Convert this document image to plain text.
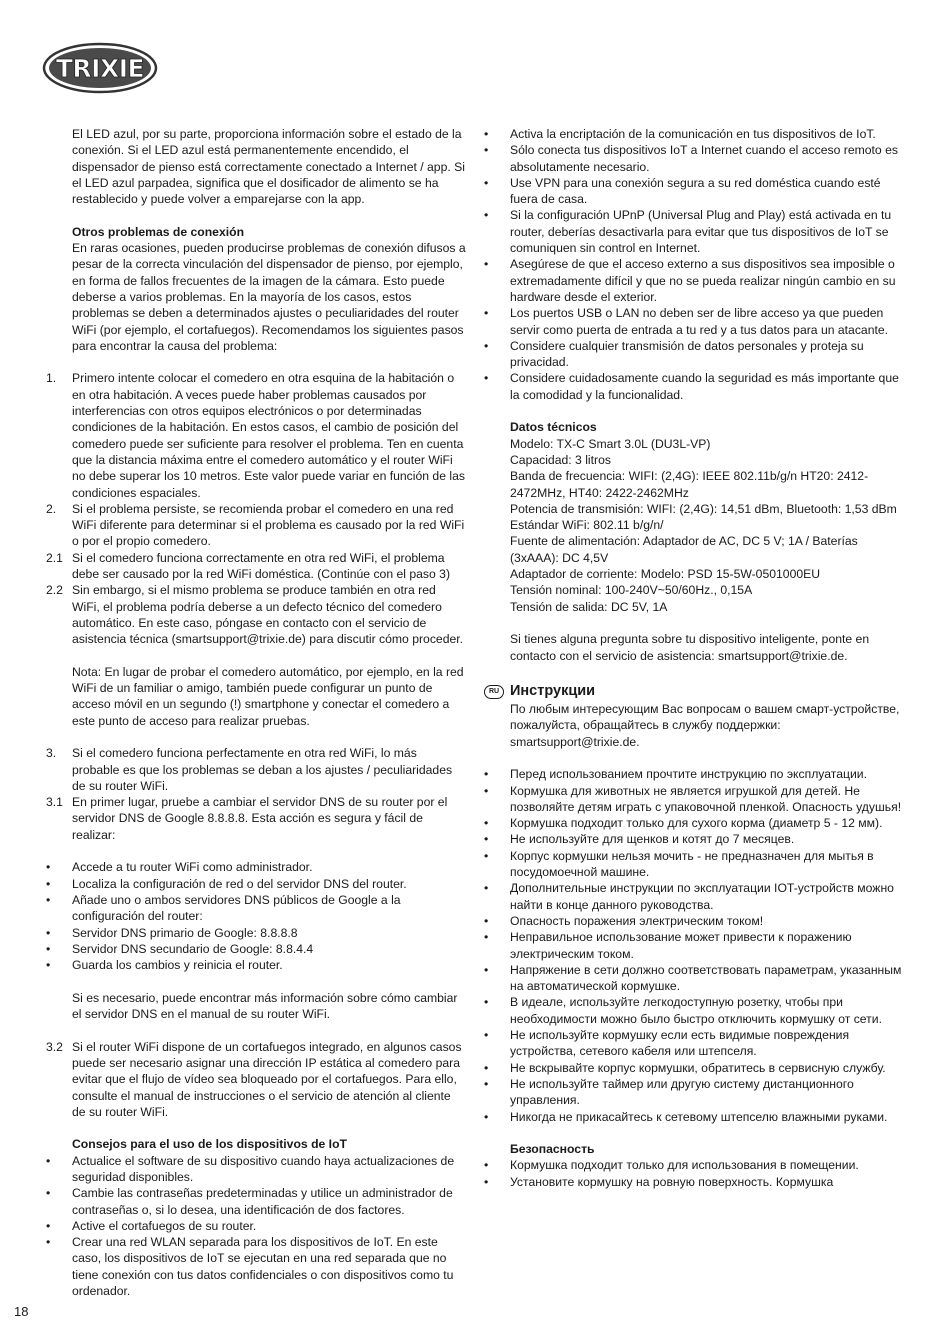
TRIXIE

El LED azul, por su parte, proporciona información sobre el estado de la conexión. Si el LED azul está permanentemente encendido, el dispensador de pienso está correctamente conectado a Internet / app. Si el LED azul parpadea, significa que el dosificador de alimento se ha restablecido y puede volver a emparejarse con la app.

Otros problemas de conexión

En raras ocasiones, pueden producirse problemas de conexión difusos a pesar de la correcta vinculación del dispensador de pienso, por ejemplo, en forma de fallos frecuentes de la imagen de la cámara. Esto puede deberse a varios problemas. En la mayoría de los casos, estos problemas se deben a determinados ajustes o peculiaridades del router WiFi (por ejemplo, el cortafuegos). Recomendamos los siguientes pasos para encontrar la causa del problema:

1.	Primero intente colocar el comedero en otra esquina de la habitación o en otra habitación. A veces puede haber problemas causados por interferencias con otros equipos electrónicos o por determinadas condiciones de la habitación. En estos casos, el cambio de posición del comedero puede ser suficiente para resolver el problema. Ten en cuenta que la distancia máxima entre el comedero automático y el router WiFi no debe superar los 10 metros. Este valor puede variar en función de las condiciones espaciales.
2.	Si el problema persiste, se recomienda probar el comedero en una red WiFi diferente para determinar si el problema es causado por la red WiFi o por el propio comedero.
2.1 Si el comedero funciona correctamente en otra red WiFi, el problema debe ser causado por la red WiFi doméstica. (Continúe con el paso 3)
2.2 Sin embargo, si el mismo problema se produce también en otra red WiFi, el problema podría deberse a un defecto técnico del comedero automático. En este caso, póngase en contacto con el servicio de asistencia técnica (smartsupport@trixie.de) para discutir cómo proceder.

Nota: En lugar de probar el comedero automático, por ejemplo, en la red WiFi de un familiar o amigo, también puede configurar un punto de acceso móvil en un segundo (!) smartphone y conectar el comedero a este punto de acceso para realizar pruebas.

3.	Si el comedero funciona perfectamente en otra red WiFi, lo más probable es que los problemas se deban a los ajustes / peculiaridades de su router WiFi.
3.1 En primer lugar, pruebe a cambiar el servidor DNS de su router por el servidor DNS de Google 8.8.8.8. Esta acción es segura y fácil de realizar:
•	Accede a tu router WiFi como administrador.
•	Localiza la configuración de red o del servidor DNS del router.
•	Añade uno o ambos servidores DNS públicos de Google a la configuración del router:
•	Servidor DNS primario de Google: 8.8.8.8
•	Servidor DNS secundario de Google: 8.8.4.4
•	Guarda los cambios y reinicia el router.

Si es necesario, puede encontrar más información sobre cómo cambiar el servidor DNS en el manual de su router WiFi.

3.2 Si el router WiFi dispone de un cortafuegos integrado, en algunos casos puede ser necesario asignar una dirección IP estática al comedero para evitar que el flujo de vídeo sea bloqueado por el cortafuegos. Para ello, consulte el manual de instrucciones o el servicio de atención al cliente de su router WiFi.
Consejos para el uso de los dispositivos de IoT
•	Actualice el software de su dispositivo cuando haya actualizaciones de seguridad disponibles.
•	Cambie las contraseñas predeterminadas y utilice un administrador de contraseñas o, si lo desea, una identificación de dos factores.
•	Active el cortafuegos de su router.
•	Crear una red WLAN separada para los dispositivos de IoT. En este caso, los dispositivos de IoT se ejecutan en una red separada que no tiene conexión con tus datos confidenciales o con dispositivos como tu ordenador.
•	Activa la encriptación de la comunicación en tus dispositivos de IoT.
•	Sólo conecta tus dispositivos IoT a Internet cuando el acceso remoto es absolutamente necesario.
•	Use VPN para una conexión segura a su red doméstica cuando esté fuera de casa.
•	Si la configuración UPnP (Universal Plug and Play) está activada en tu router, deberías desactivarla para evitar que tus dispositivos de IoT se comuniquen sin control en Internet.
•	Asegúrese de que el acceso externo a sus dispositivos sea imposible o extremadamente difícil y que no se pueda realizar ningún cambio en su hardware desde el exterior.
•	Los puertos USB o LAN no deben ser de libre acceso ya que pueden servir como puerta de entrada a tu red y a tus datos para un atacante.
•	Considere cualquier transmisión de datos personales y proteja su privacidad.
•	Considere cuidadosamente cuando la seguridad es más importante que la comodidad y la funcionalidad.
Datos técnicos

Modelo: TX-C Smart 3.0L (DU3L-VP)

Capacidad: 3 litros

Banda de frecuencia: WIFI: (2,4G): IEEE 802.11b/g/n HT20: 2412-2472MHz, HT40: 2422-2462MHz

Potencia de transmisión: WIFI: (2,4G): 14,51 dBm, Bluetooth: 1,53 dBm

Estándar WiFi: 802.11 b/g/n/

Fuente de alimentación: Adaptador de AC, DC 5 V; 1A / Baterías (3xAAA): DC 4,5V

Adaptador de corriente: Modelo: PSD 15-5W-0501000EU

Tensión nominal: 100-240V~50/60Hz., 0,15A

Tensión de salida: DC 5V, 1A

Si tienes alguna pregunta sobre tu dispositivo inteligente, ponte en contacto con el servicio de asistencia: smartsupport@trixie.de.

RU Инструкции

По любым интересующим Вас вопросам о вашем смарт-устройстве, пожалуйста, обращайтесь в службу поддержки: smartsupport@trixie.de.

•	Перед использованием прочтите инструкцию по эксплуатации.
•	Кормушка для животных не является игрушкой для детей. Не позволяйте детям играть с упаковочной пленкой. Опасность удушья!
•	Кормушка подходит только для сухого корма (диаметр 5 - 12 мм).
•	Не используйте для щенков и котят до 7 месяцев.
•	Корпус кормушки нельзя мочить - не предназначен для мытья в посудомоечной машине.
•	Дополнительные инструкции по эксплуатации IOT-устройств можно найти в конце данного руководства.
•	Опасность поражения электрическим током!
•	Неправильное использование может привести к поражению электрическим током.
•	Напряжение в сети должно соответствовать параметрам, указанным на автоматической кормушке.
•	В идеале, используйте легкодоступную розетку, чтобы при необходимости можно было быстро отключить кормушку от сети.
•	Не используйте кормушку если есть видимые повреждения устройства, сетевого кабеля или штепселя.
•	Не вскрывайте корпус кормушки, обратитесь в сервисную службу.
•	Не используйте таймер или другую систему дистанционного управления.
•	Никогда не прикасайтесь к сетевому штепселю влажными руками.
Безопасность
•	Кормушка подходит только для использования в помещении.
•	Установите кормушку на ровную поверхность. Кормушка
18
